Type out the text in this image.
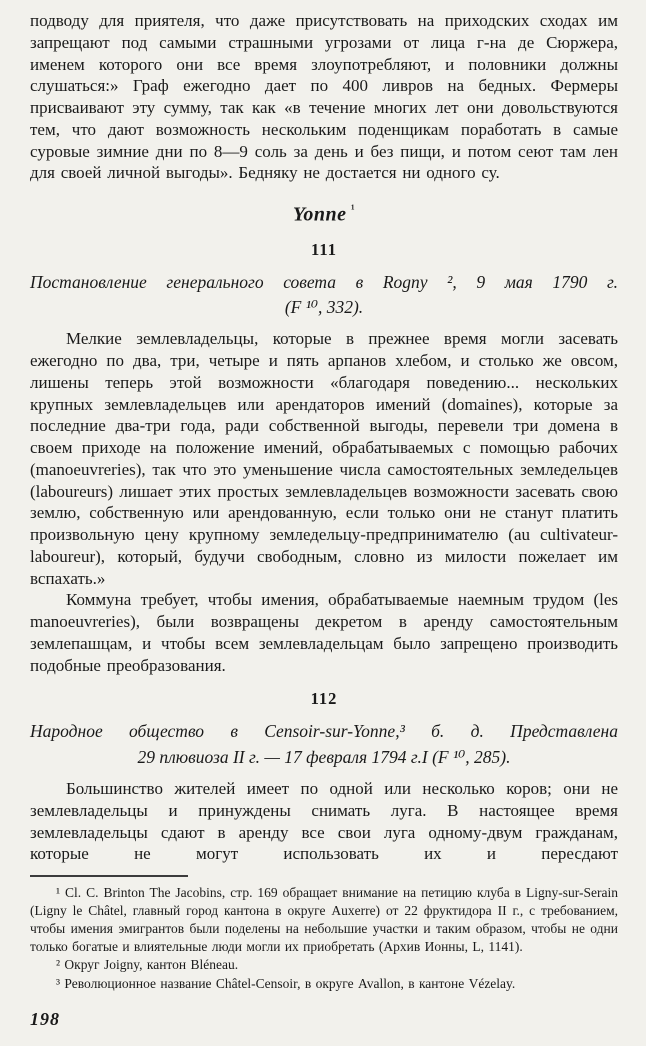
подводу для приятеля, что даже присутствовать на приходских сходах им запрещают под самыми страшными угрозами от лица г-на де Сюржера, именем которого они все время злоупотребляют, и половники должны слушаться:» Граф ежегодно дает по 400 ливров на бедных. Фермеры присваивают эту сумму, так как «в течение многих лет они довольствуются тем, что дают возможность нескольким поденщикам поработать в самые суровые зимние дни по 8—9 соль за день и без пищи, и потом сеют там лен для своей личной выгоды». Бедняку не достается ни одного су.

Yonne  $^{^1}$
111
Постановление генерального совета в Rogny ², 9 мая 1790 г.
(F ¹⁰, 332).

Мелкие землевладельцы, которые в прежнее время могли засевать ежегодно по два, три, четыре и пять арпанов хлебом, и столько же овсом, лишены теперь этой возможности «благодаря поведению... нескольких крупных землевладельцев или арендаторов имений (domaines), которые за последние два-три года, ради собственной выгоды, перевели три домена в своем приходе на положение имений, обрабатываемых с помощью рабочих (manoeuvreries), так что это уменьшение числа самостоятельных земледельцев (laboureurs) лишает этих простых землевладельцев возможности засевать свою землю, собственную или арендованную, если только они не станут платить произвольную цену крупному земледельцу-предпринимателю (au cultivateur-laboureur), который, будучи свободным, словно из милости пожелает им вспахать.»

Коммуна требует, чтобы имения, обрабатываемые наемным трудом (les manoeuvreries), были возвращены декретом в аренду самостоятельным землепашцам, и чтобы всем землевладельцам было запрещено производить подобные преобразования.

112
Народное общество в Censoir-sur-Yonne,³ б. д. Представлена
29 плювиоза II г. — 17 февраля 1794 г.I (F ¹⁰, 285).

Большинство жителей имеет по одной или несколько коров; они не землевладельцы и принуждены снимать луга. В настоящее время землевладельцы сдают в аренду все свои луга одному-двум гражданам, которые не могут использовать их и пересдают

¹ Cl. C. Brinton The Jacobins, стр. 169 обращает внимание на петицию клуба в Ligny-sur-Serain (Ligny le Châtel, главный город кантона в округе Auxerre) от 22 фруктидора II г., с требованием, чтобы имения эмигрантов были поделены на небольшие участки и таким образом, чтобы не одни только богатые и влиятельные люди могли их приобретать (Архив Ионны, L, 1141).

² Округ Joigny, кантон Bléneau.

³ Революционное название Châtel-Censoir, в округе Avallon, в кантоне Vézelay.

198
